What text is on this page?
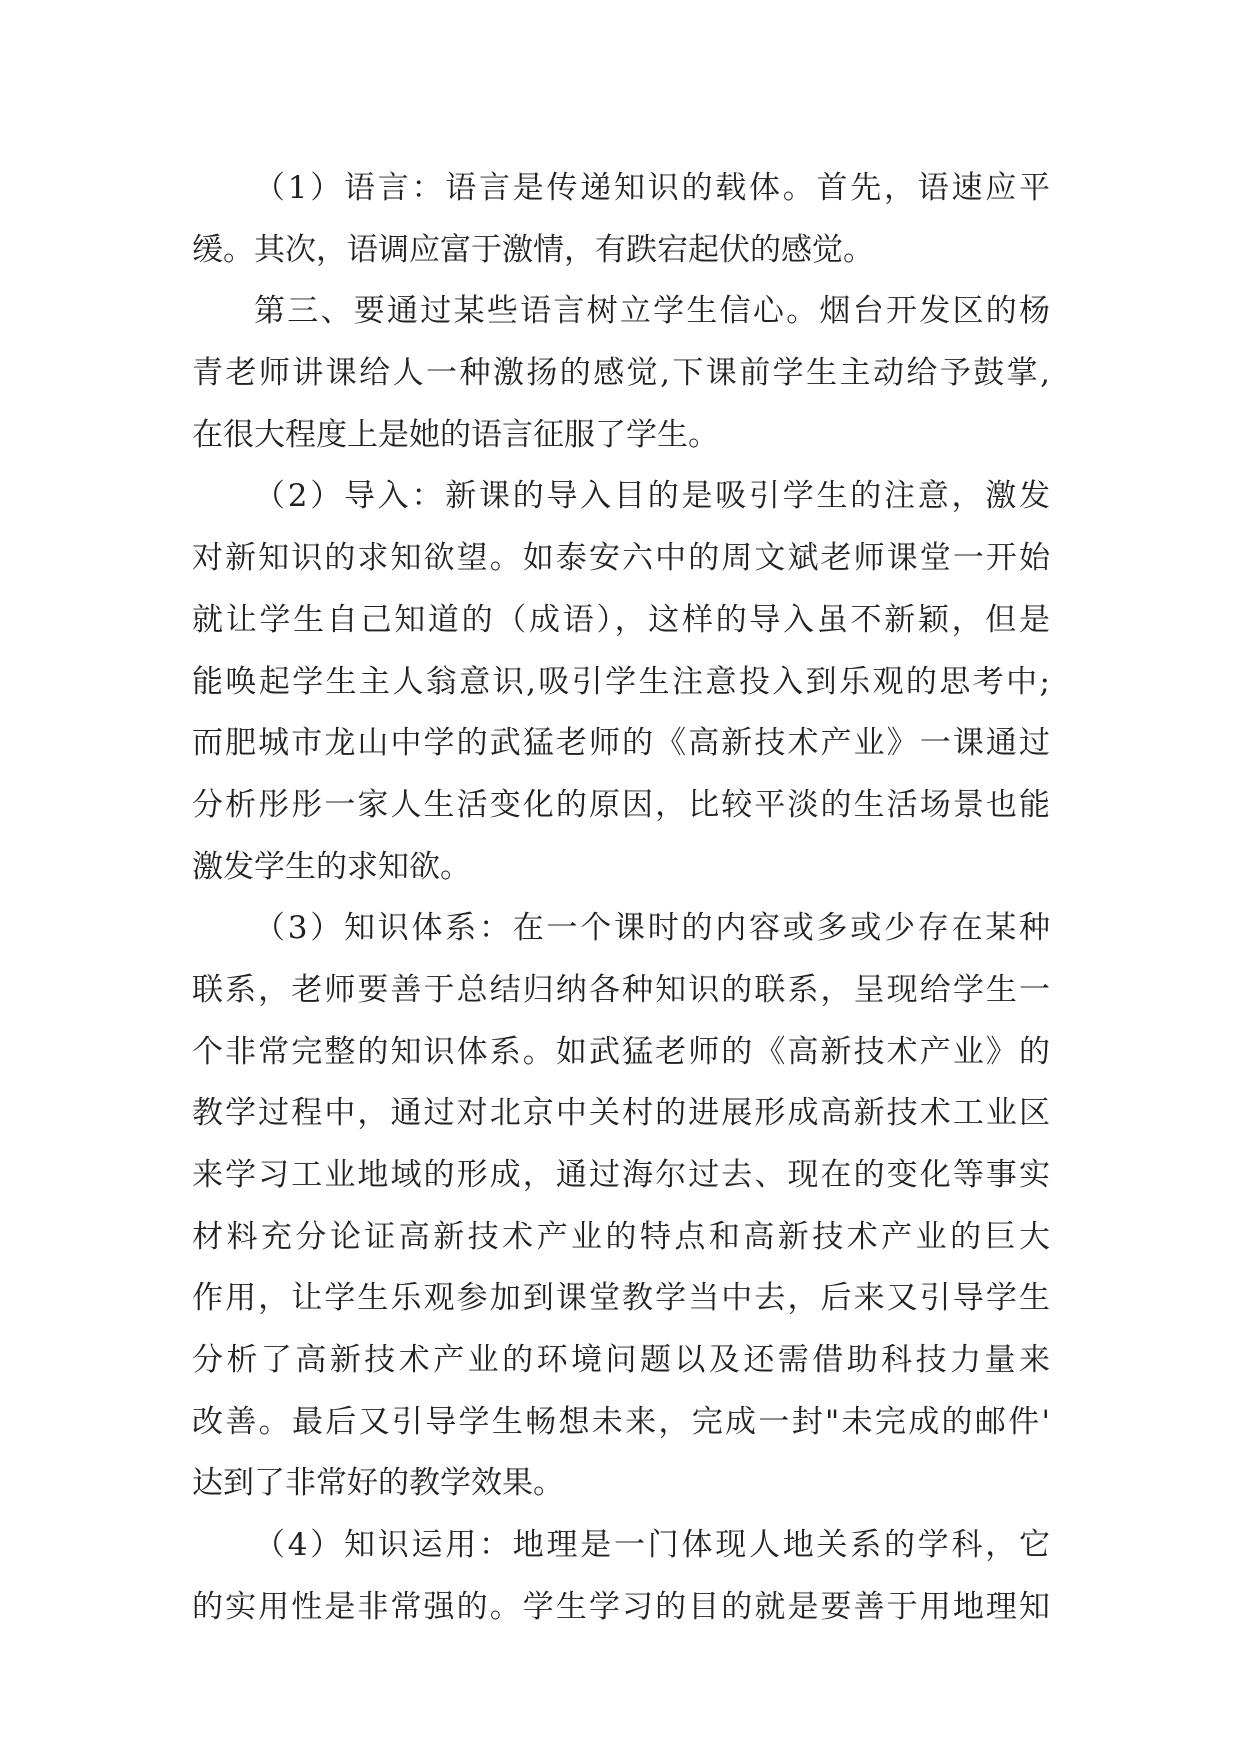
（1）语言：语言是传递知识的载体。首先，语速应平
缓。其次，语调应富于激情，有跌宕起伏的感觉。
第三、要通过某些语言树立学生信心。烟台开发区的杨
青老师讲课给人一种激扬的感觉,下课前学生主动给予鼓掌,
在很大程度上是她的语言征服了学生。
（2）导入：新课的导入目的是吸引学生的注意，激发
对新知识的求知欲望。如泰安六中的周文斌老师课堂一开始
就让学生自己知道的（成语），这样的导入虽不新颖，但是
能唤起学生主人翁意识,吸引学生注意投入到乐观的思考中;
而肥城市龙山中学的武猛老师的《高新技术产业》一课通过
分析彤彤一家人生活变化的原因，比较平淡的生活场景也能
激发学生的求知欲。
（3）知识体系：在一个课时的内容或多或少存在某种
联系，老师要善于总结归纳各种知识的联系，呈现给学生一
个非常完整的知识体系。如武猛老师的《高新技术产业》的
教学过程中，通过对北京中关村的进展形成高新技术工业区
来学习工业地域的形成，通过海尔过去、现在的变化等事实
材料充分论证高新技术产业的特点和高新技术产业的巨大
作用，让学生乐观参加到课堂教学当中去，后来又引导学生
分析了高新技术产业的环境问题以及还需借助科技力量来
改善。最后又引导学生畅想未来，完成一封"未完成的邮件'
达到了非常好的教学效果。
（4）知识运用：地理是一门体现人地关系的学科，它
的实用性是非常强的。学生学习的目的就是要善于用地理知
